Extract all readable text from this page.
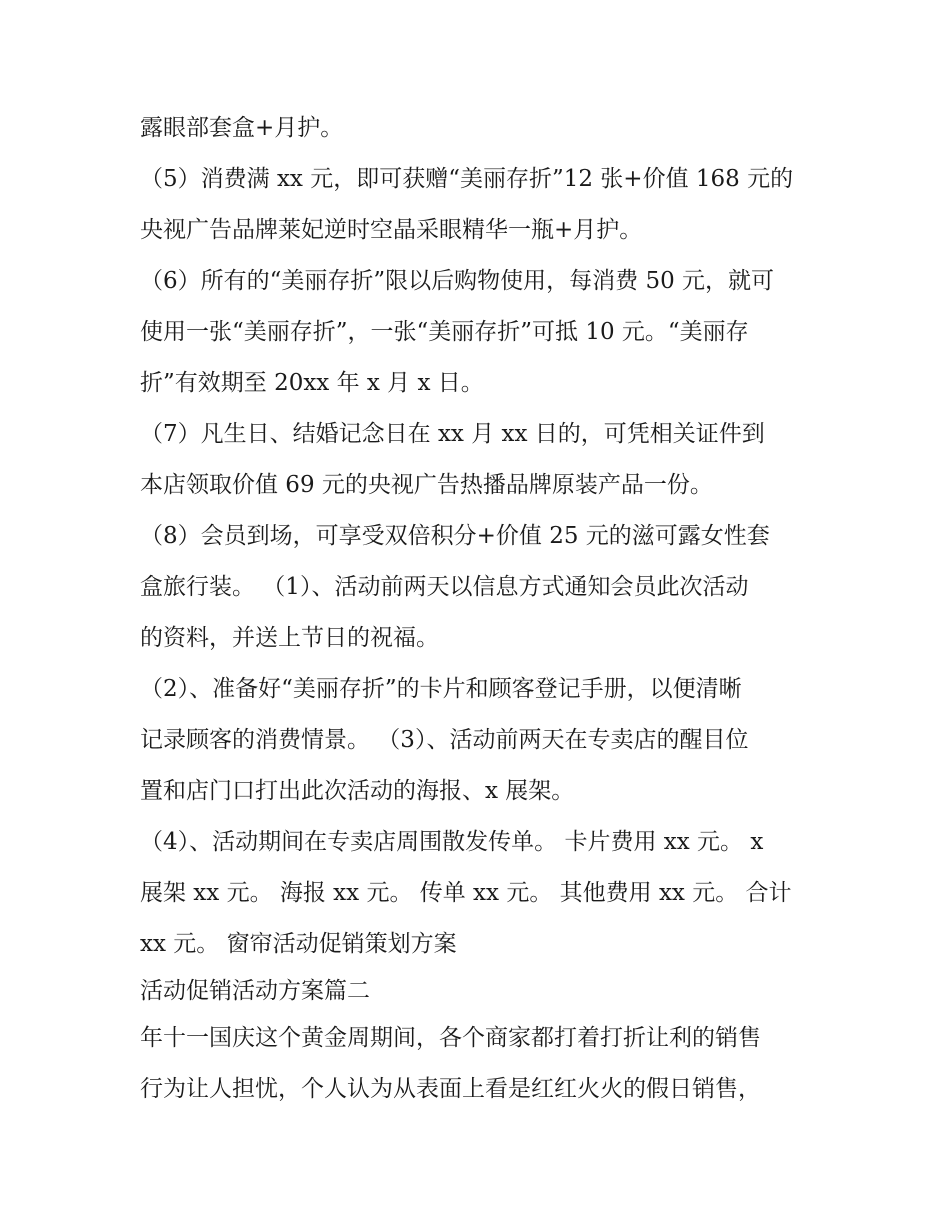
露眼部套盒+月护。
（5）消费满 xx 元，即可获赠“美丽存折”12 张+价值 168 元的
央视广告品牌莱妃逆时空晶采眼精华一瓶+月护。
（6）所有的“美丽存折”限以后购物使用，每消费 50 元，就可
使用一张“美丽存折”，一张“美丽存折”可抵 10 元。“美丽存
折”有效期至 20xx 年 x 月 x 日。
（7）凡生日、结婚记念日在 xx 月 xx 日的，可凭相关证件到
本店领取价值 69 元的央视广告热播品牌原装产品一份。
（8）会员到场，可享受双倍积分+价值 25 元的滋可露女性套
盒旅行装。 （1）、活动前两天以信息方式通知会员此次活动
的资料，并送上节日的祝福。
（2）、准备好“美丽存折”的卡片和顾客登记手册，以便清晰
记录顾客的消费情景。 （3）、活动前两天在专卖店的醒目位
置和店门口打出此次活动的海报、x 展架。
（4）、活动期间在专卖店周围散发传单。 卡片费用 xx 元。 x
展架 xx 元。 海报 xx 元。 传单 xx 元。 其他费用 xx 元。 合计
xx 元。 窗帘活动促销策划方案
活动促销活动方案篇二
年十一国庆这个黄金周期间，各个商家都打着打折让利的销售
行为让人担忧，个人认为从表面上看是红红火火的假日销售，
